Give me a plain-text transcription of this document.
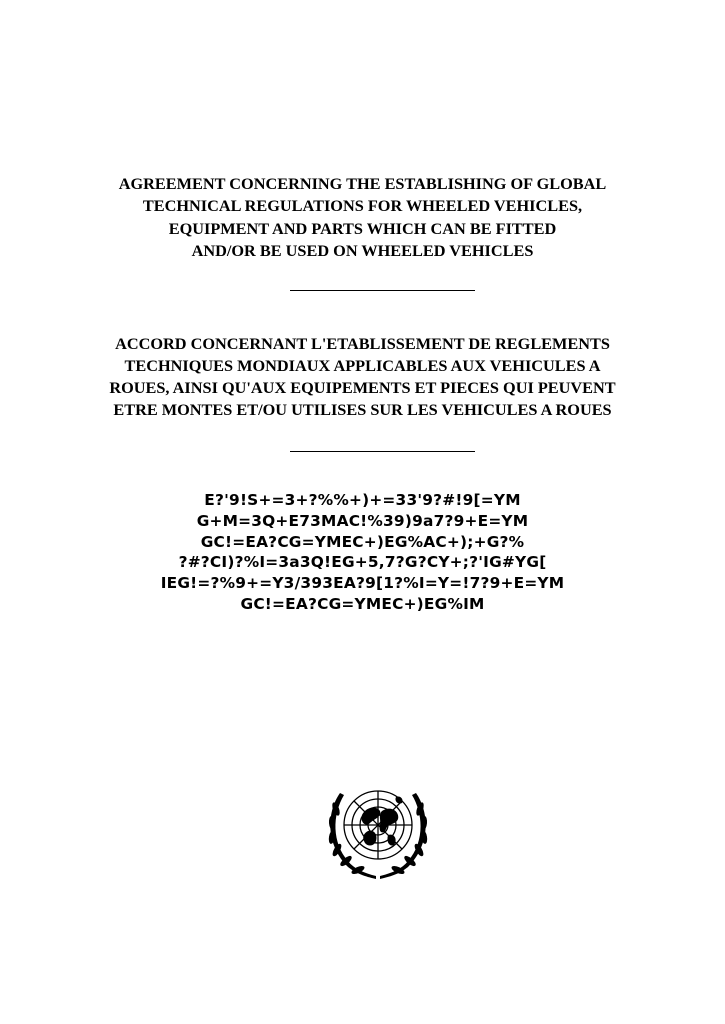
AGREEMENT CONCERNING THE ESTABLISHING OF GLOBAL
TECHNICAL REGULATIONS FOR WHEELED VEHICLES,
EQUIPMENT AND PARTS WHICH CAN BE FITTED
AND/OR BE USED ON WHEELED VEHICLES
ACCORD CONCERNANT L'ETABLISSEMENT DE REGLEMENTS
TECHNIQUES MONDIAUX APPLICABLES AUX VEHICULES A
ROUES, AINSI QU'AUX EQUIPEMENTS ET PIECES QUI PEUVENT
ETRE MONTES ET/OU UTILISES SUR LES VEHICULES A ROUES
E?'9!S+=3+?%%+)+=33'9?#!9[=YM
G+M=3Q+E73MAC!%39)9a7?9+E=YM
GC!=EA?CG=YMEC+)EG%AC+);+G?%
?#?CI)?%I=3a3Q!EG+5,7?G?CY+;?'IG#YG[
IEG!=?%9+=Y3/393EA?9[1?%I=Y=!7?9+E=YM
GC!=EA?CG=YMEC+)EG%IM
